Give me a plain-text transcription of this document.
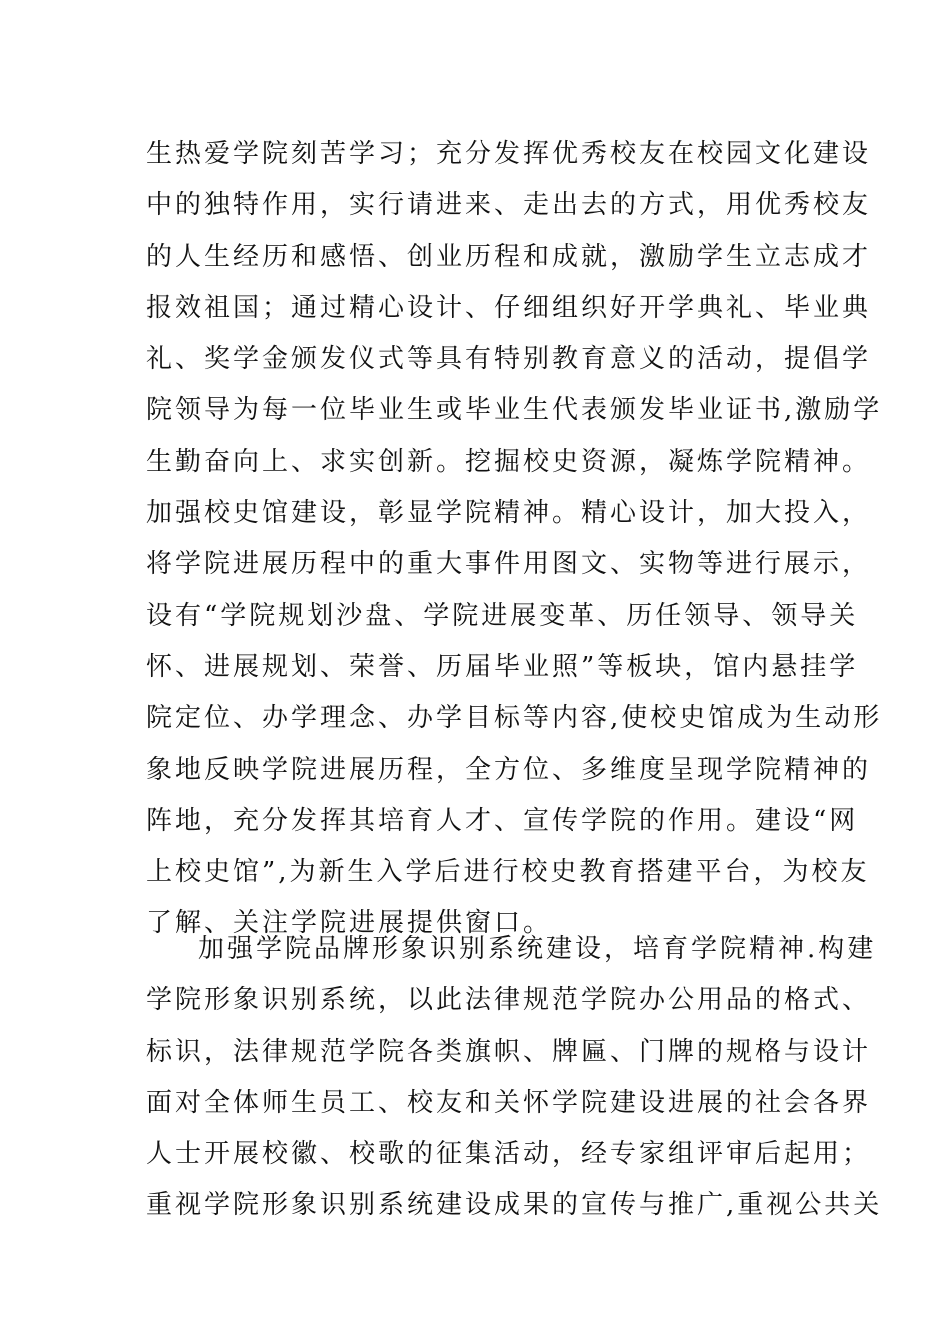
生热爱学院刻苦学习；充分发挥优秀校友在校园文化建设
中的独特作用，实行请进来、走出去的方式，用优秀校友
的人生经历和感悟、创业历程和成就，激励学生立志成才
报效祖国；通过精心设计、仔细组织好开学典礼、毕业典
礼、奖学金颁发仪式等具有特别教育意义的活动，提倡学
院领导为每一位毕业生或毕业生代表颁发毕业证书,激励学
生勤奋向上、求实创新。挖掘校史资源，凝炼学院精神。
加强校史馆建设，彰显学院精神。精心设计，加大投入，
将学院进展历程中的重大事件用图文、实物等进行展示，
设有“学院规划沙盘、学院进展变革、历任领导、领导关
怀、进展规划、荣誉、历届毕业照”等板块，馆内悬挂学
院定位、办学理念、办学目标等内容,使校史馆成为生动形
象地反映学院进展历程，全方位、多维度呈现学院精神的
阵地，充分发挥其培育人才、宣传学院的作用。建设“网
上校史馆”,为新生入学后进行校史教育搭建平台，为校友
了解、关注学院进展提供窗口。
加强学院品牌形象识别系统建设，培育学院精神.构建
学院形象识别系统，以此法律规范学院办公用品的格式、
标识，法律规范学院各类旗帜、牌匾、门牌的规格与设计
面对全体师生员工、校友和关怀学院建设进展的社会各界
人士开展校徽、校歌的征集活动，经专家组评审后起用；
重视学院形象识别系统建设成果的宣传与推广,重视公共关
